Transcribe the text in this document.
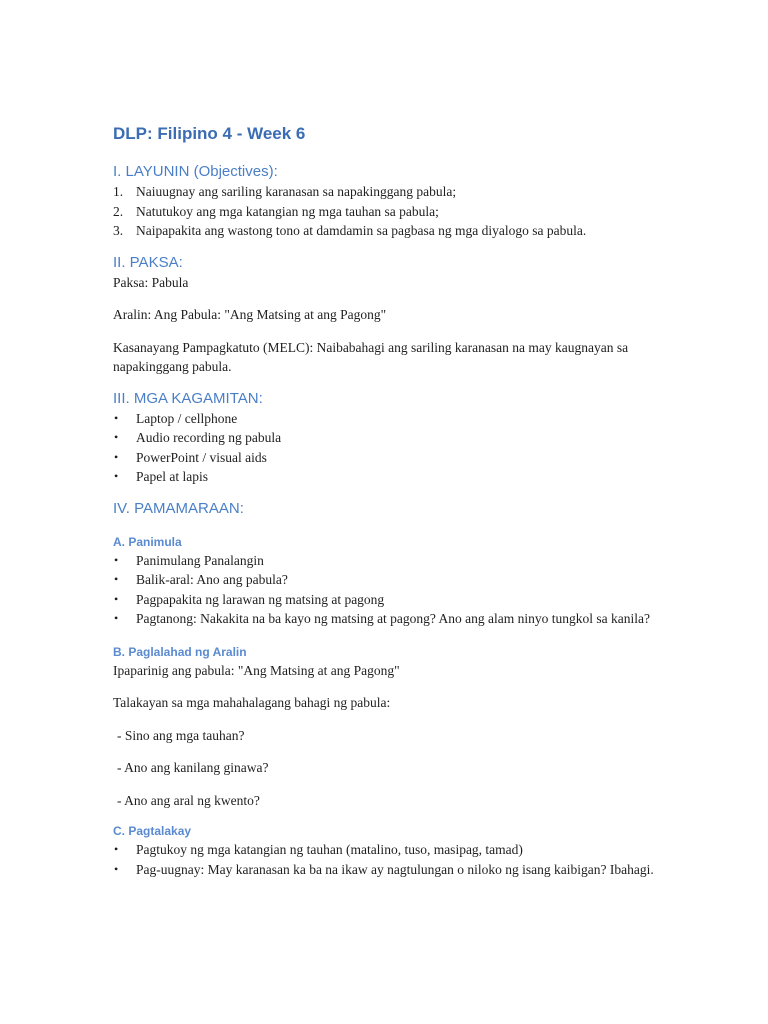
DLP: Filipino 4 - Week 6
I. LAYUNIN (Objectives):
1. Naiuugnay ang sariling karanasan sa napakinggang pabula;
2. Natutukoy ang mga katangian ng mga tauhan sa pabula;
3. Naipapakita ang wastong tono at damdamin sa pagbasa ng mga diyalogo sa pabula.
II. PAKSA:

Paksa: Pabula

Aralin: Ang Pabula: "Ang Matsing at ang Pagong"

Kasanayang Pampagkatuto (MELC): Naibabahagi ang sariling karanasan na may kaugnayan sa napakinggang pabula.

III. MGA KAGAMITAN:
• Laptop / cellphone
• Audio recording ng pabula
• PowerPoint / visual aids
• Papel at lapis
IV. PAMAMARAAN:
A. Panimula
• Panimulang Panalangin
• Balik-aral: Ano ang pabula?
• Pagpapakita ng larawan ng matsing at pagong
• Pagtanong: Nakakita na ba kayo ng matsing at pagong? Ano ang alam ninyo tungkol sa kanila?
B. Paglalahad ng Aralin

Ipaparinig ang pabula: "Ang Matsing at ang Pagong"

Talakayan sa mga mahahalagang bahagi ng pabula:

- Sino ang mga tauhan?

- Ano ang kanilang ginawa?

- Ano ang aral ng kwento?

C. Pagtalakay
• Pagtukoy ng mga katangian ng tauhan (matalino, tuso, masipag, tamad)
• Pag-uugnay: May karanasan ka ba na ikaw ay nagtulungan o niloko ng isang kaibigan? Ibahagi.
